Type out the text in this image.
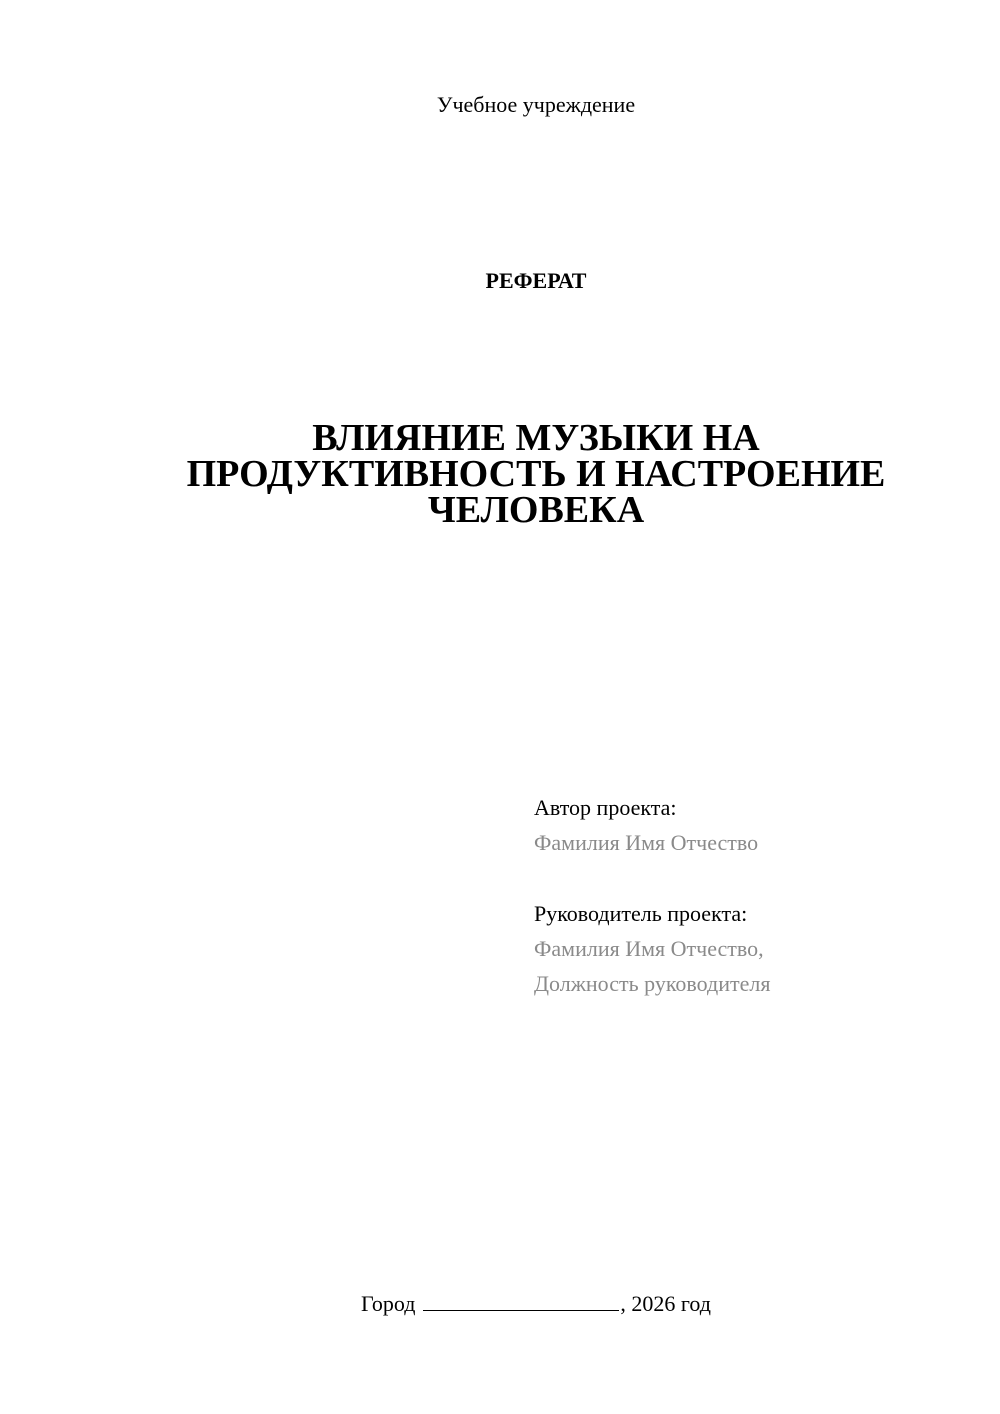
Учебное учреждение
РЕФЕРАТ
ВЛИЯНИЕ МУЗЫКИ НА
ПРОДУКТИВНОСТЬ И НАСТРОЕНИЕ
ЧЕЛОВЕКА
Автор проекта:
Фамилия Имя Отчество
Руководитель проекта:
Фамилия Имя Отчество,
Должность руководителя
Город	, 2026 год
